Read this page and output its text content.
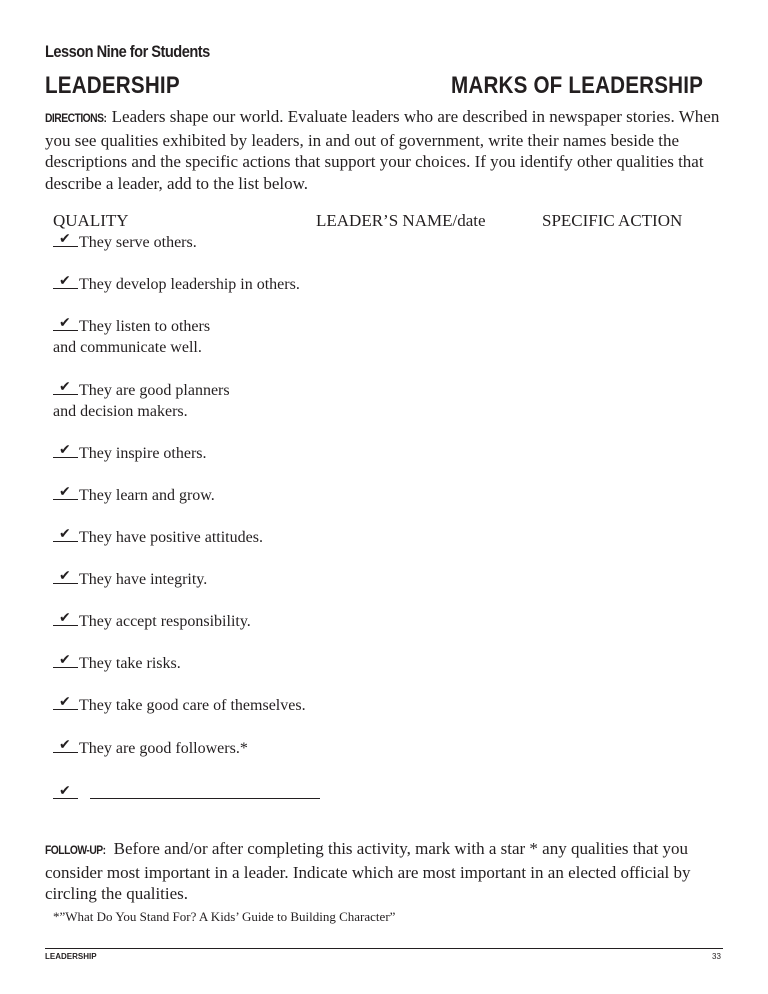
Lesson Nine for Students
LEADERSHIP	MARKS OF LEADERSHIP
DIRECTIONS: Leaders shape our world. Evaluate leaders who are described in newspaper stories. When you see qualities exhibited by leaders, in and out of government, write their names beside the descriptions and the specific actions that support your choices. If you identify other qualities that describe a leader, add to the list below.
QUALITY	LEADER’S NAME/date	SPECIFIC ACTION
✔ They serve others.
✔ They develop leadership in others.
✔ They listen to others
and communicate well.
✔ They are good planners
and decision makers.
✔ They inspire others.
✔ They learn and grow.
✔ They have positive attitudes.
✔ They have integrity.
✔ They accept responsibility.
✔ They take risks.
✔ They take good care of themselves.
✔ They are good followers.*
✔
FOLLOW-UP: Before and/or after completing this activity, mark with a star * any qualities that you consider most important in a leader. Indicate which are most important in an elected official by circling the qualities.
*”What Do You Stand For? A Kids’ Guide to Building Character”
LEADERSHIP	33
